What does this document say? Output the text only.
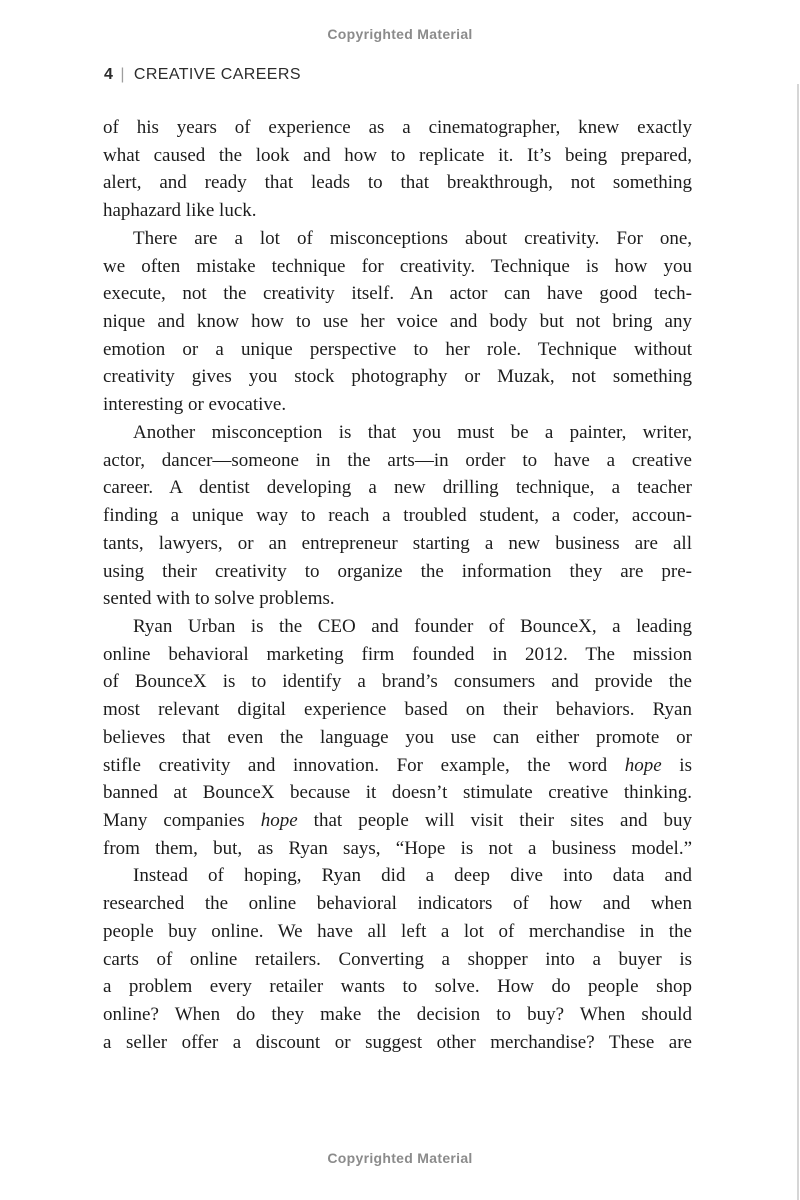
Copyrighted Material
4 | CREATIVE CAREERS
of his years of experience as a cinematographer, knew exactly
what caused the look and how to replicate it. It’s being prepared,
alert, and ready that leads to that breakthrough, not something
haphazard like luck.
There are a lot of misconceptions about creativity. For one,
we often mistake technique for creativity. Technique is how you
execute, not the creativity itself. An actor can have good tech-
nique and know how to use her voice and body but not bring any
emotion or a unique perspective to her role. Technique without
creativity gives you stock photography or Muzak, not something
interesting or evocative.
Another misconception is that you must be a painter, writer,
actor, dancer—someone in the arts—in order to have a creative
career. A dentist developing a new drilling technique, a teacher
finding a unique way to reach a troubled student, a coder, accoun-
tants, lawyers, or an entrepreneur starting a new business are all
using their creativity to organize the information they are pre-
sented with to solve problems.
Ryan Urban is the CEO and founder of BounceX, a leading
online behavioral marketing firm founded in 2012. The mission
of BounceX is to identify a brand’s consumers and provide the
most relevant digital experience based on their behaviors. Ryan
believes that even the language you use can either promote or
stifle creativity and innovation. For example, the word hope is
banned at BounceX because it doesn’t stimulate creative thinking.
Many companies hope that people will visit their sites and buy
from them, but, as Ryan says, “Hope is not a business model.”
Instead of hoping, Ryan did a deep dive into data and
researched the online behavioral indicators of how and when
people buy online. We have all left a lot of merchandise in the
carts of online retailers. Converting a shopper into a buyer is
a problem every retailer wants to solve. How do people shop
online? When do they make the decision to buy? When should
a seller offer a discount or suggest other merchandise? These are
Copyrighted Material
